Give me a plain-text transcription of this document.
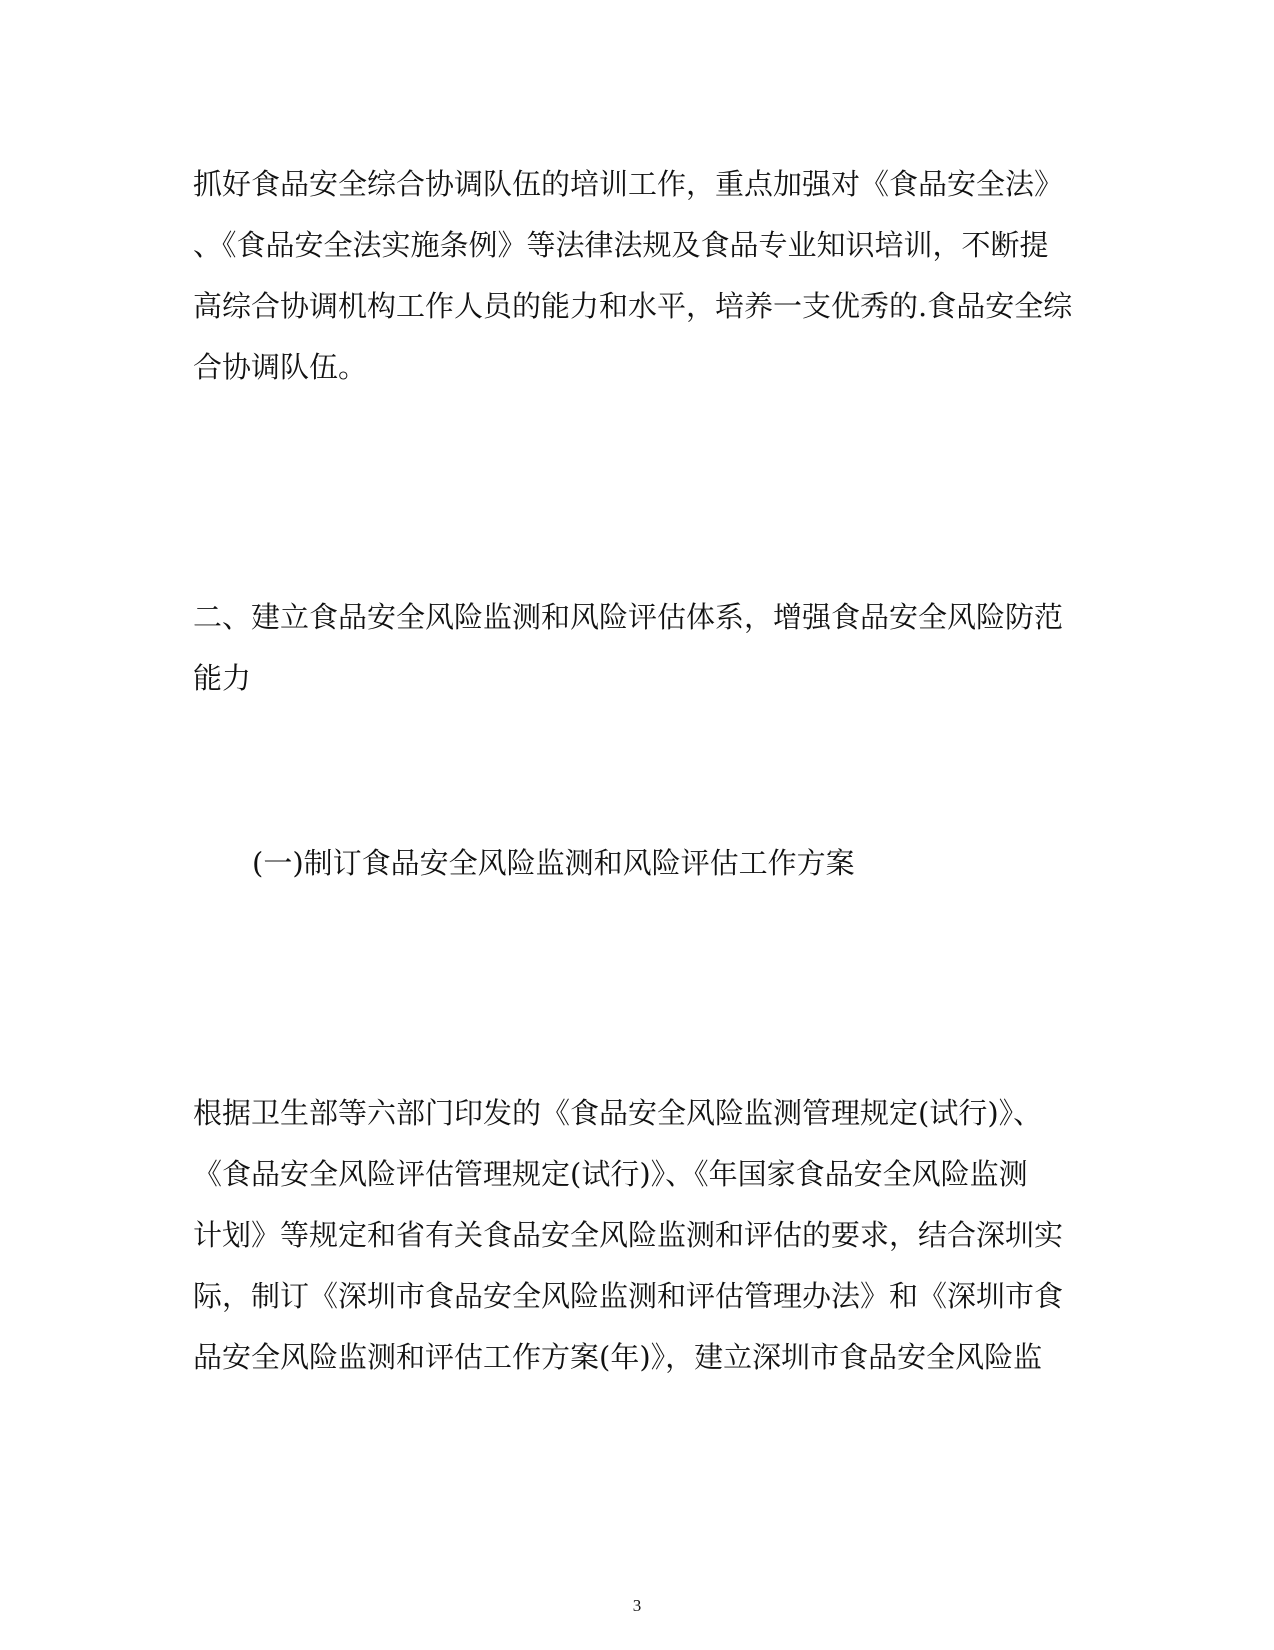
抓好食品安全综合协调队伍的培训工作，重点加强对《食品安全法》
、《食品安全法实施条例》等法律法规及食品专业知识培训，不断提
高综合协调机构工作人员的能力和水平，培养一支优秀的.食品安全综
合协调队伍。
二、建立食品安全风险监测和风险评估体系，增强食品安全风险防范
能力
(一)制订食品安全风险监测和风险评估工作方案
根据卫生部等六部门印发的《食品安全风险监测管理规定(试行)》、
《食品安全风险评估管理规定(试行)》、《年国家食品安全风险监测
计划》等规定和省有关食品安全风险监测和评估的要求，结合深圳实
际，制订《深圳市食品安全风险监测和评估管理办法》和《深圳市食
品安全风险监测和评估工作方案(年)》，建立深圳市食品安全风险监
3
